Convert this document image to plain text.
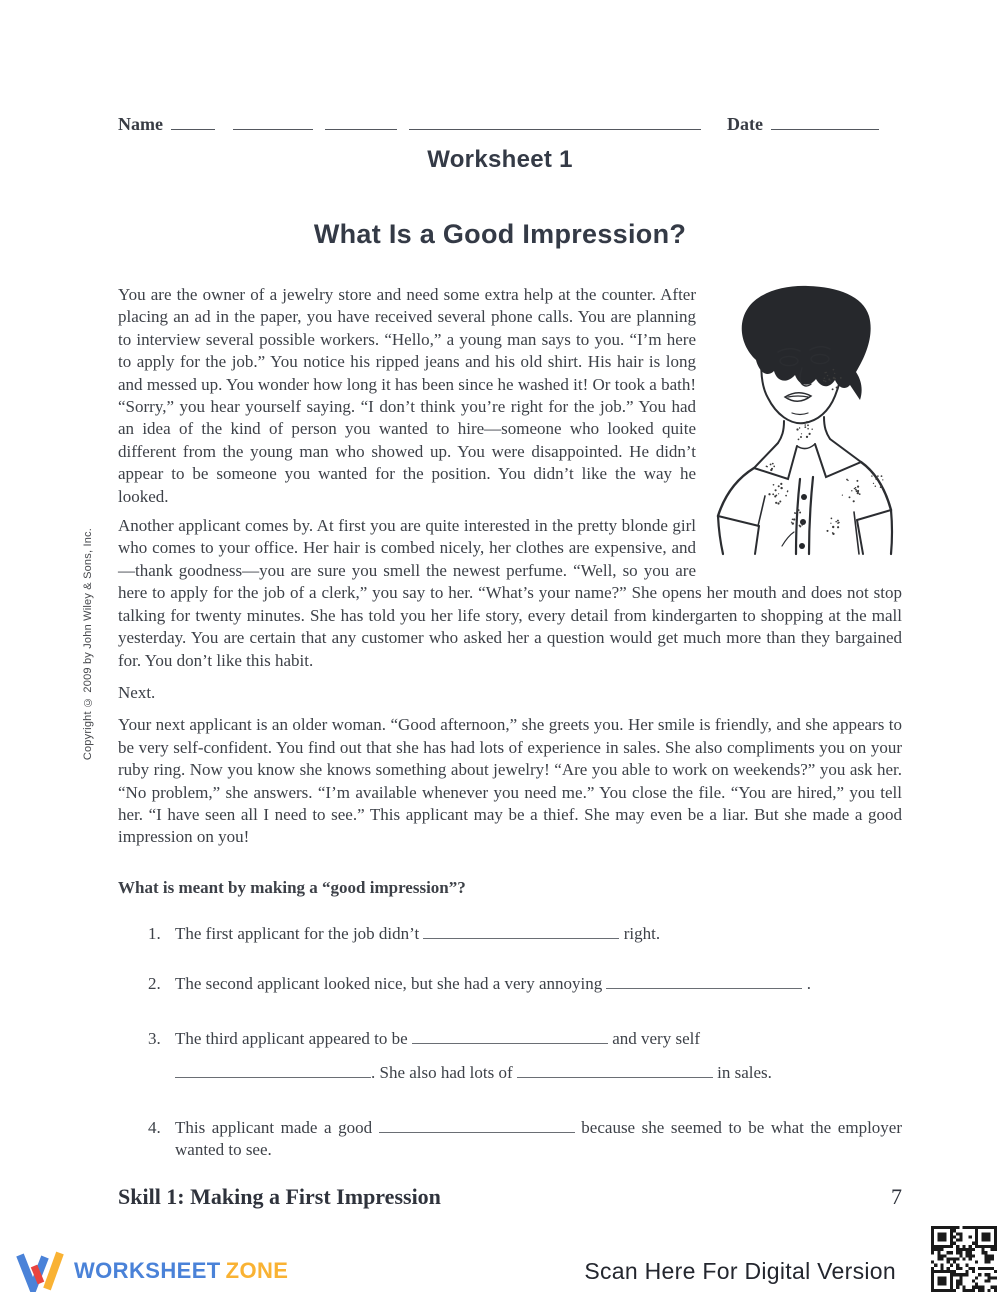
Name	Date
Worksheet 1
What Is a Good Impression?
Copyright © 2009 by John Wiley & Sons, Inc.

You are the owner of a jewelry store and need some extra help at the counter. After placing an ad in the paper, you have received several phone calls. You are planning to interview several possible workers. “Hello,” a young man says to you. “I’m here to apply for the job.” You notice his ripped jeans and his old shirt. His hair is long and messed up. You wonder how long it has been since he washed it! Or took a bath! “Sorry,” you hear yourself saying. “I don’t think you’re right for the job.” You had an idea of the kind of person you wanted to hire—someone who looked quite different from the young man who showed up. You were disappointed. He didn’t appear to be someone you wanted for the position. You didn’t like the way he looked.

Another applicant comes by. At first you are quite interested in the pretty blonde girl who comes to your office. Her hair is combed nicely, her clothes are expensive, and—thank goodness—you are sure you smell the newest perfume. “Well, so you are here to apply for the job of a clerk,” you say to her. “What’s your name?” She opens her mouth and does not stop talking for twenty minutes. She has told you her life story, every detail from kindergarten to shopping at the mall yesterday. You are certain that any customer who asked her a question would get much more than they bargained for. You don’t like this habit.

Next.

Your next applicant is an older woman. “Good afternoon,” she greets you. Her smile is friendly, and she appears to be very self-confident. You find out that she has had lots of experience in sales. She also compliments you on your ruby ring. Now you know she knows something about jewelry! “Are you able to work on weekends?” you ask her. “No problem,” she answers. “I’m available whenever you need me.” You close the file. “You are hired,” you tell her. “I have seen all I need to see.” This applicant may be a thief. She may even be a liar. But she made a good impression on you!

What is meant by making a “good impression”?

1. The first applicant for the job didn’t	right.
2. The second applicant looked nice, but she had a very annoying	.
3. The third applicant appeared to be	and very self
. She also had lots of	in sales.
4. This applicant made a good	because she seemed to be what the employer wanted to see.
Skill 1: Making a First Impression	7
WORKSHEET ZONE	Scan Here For Digital Version
